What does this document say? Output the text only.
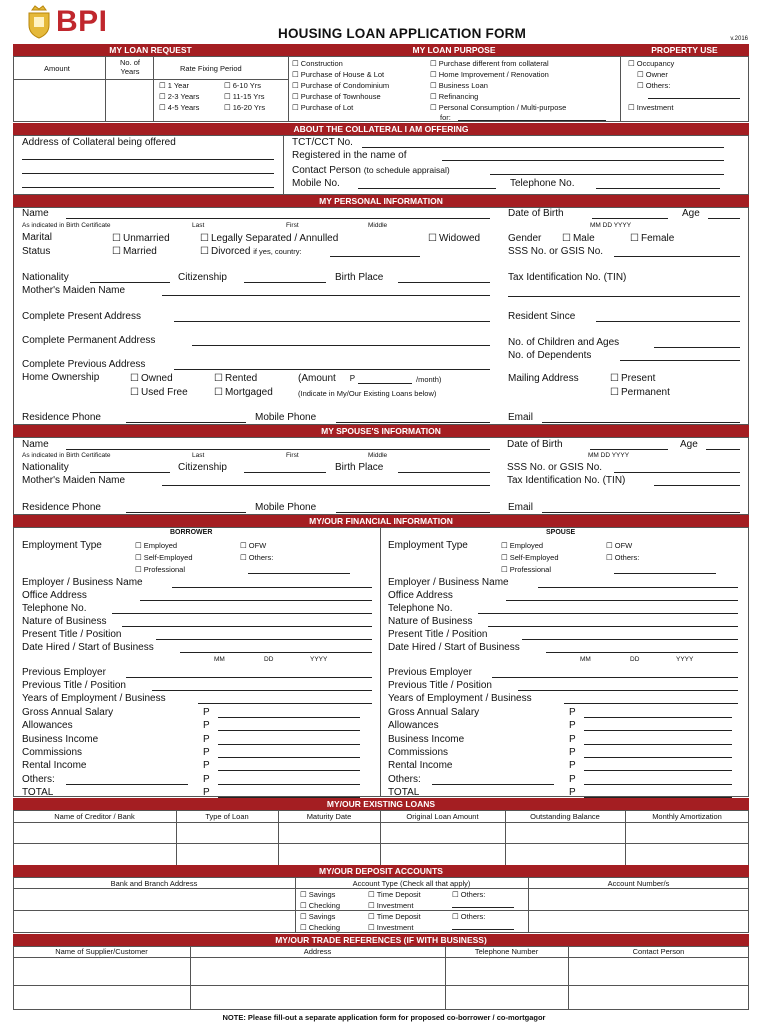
BPI	HOUSING LOAN APPLICATION FORM	v.2016
MY LOAN REQUEST	MY LOAN PURPOSE	PROPERTY USE
Amount
No. of Years	Rate Fixing Period
☐ 1 Year
☐ 2-3 Years
☐ 4-5 Years
☐ 6-10 Yrs
☐ 11-15 Yrs
☐ 16-20 Yrs
☐ Construction
☐ Purchase of House & Lot
☐ Purchase of Condominium
☐ Purchase of Townhouse
☐ Purchase of Lot
☐ Purchase different from collateral
☐ Home Improvement / Renovation
☐ Business Loan
☐ Refinancing
☐ Personal Consumption / Multi-purpose
for:
☐ Occupancy
☐ Owner
☐ Others:
☐ Investment
ABOUT THE COLLATERAL I AM OFFERING
Address of Collateral being offered	TCT/CCT No.
Registered in the name of
Contact Person (to schedule appraisal)
Mobile No.	Telephone No.
MY PERSONAL INFORMATION
Name
As indicated in Birth Certificate	Last	First	Middle
Date of Birth
MM DD YYYY
Age
Marital
Status
☐ Unmarried
☐ Married
☐ Legally Separated / Annulled
☐ Divorced if yes, country:
☐ Widowed	Gender	☐ Male	☐ Female
SSS No. or GSIS No.
Nationality	Citizenship	Birth Place	Tax Identification No. (TIN)
Mother's Maiden Name
Complete Present Address	Resident Since
Complete Permanent Address	No. of Children and Ages
No. of Dependents
Complete Previous Address
Home Ownership	☐ Owned
☐ Used Free
☐ Rented
☐ Mortgaged
(Amount P	/month)
(Indicate in My/Our Existing Loans below)
Mailing Address	☐ Present
☐ Permanent
Residence Phone	Mobile Phone	Email
MY SPOUSE'S INFORMATION
Name
As indicated in Birth Certificate	Last	First	Middle
Date of Birth
MM DD YYYY
Age
Nationality	Citizenship	Birth Place	SSS No. or GSIS No.
Mother's Maiden Name	Tax Identification No. (TIN)
Residence Phone	Mobile Phone	Email
MY/OUR FINANCIAL INFORMATION
BORROWER	SPOUSE
Employment Type	☐ Employed
☐ Self-Employed
☐ Professional
☐ OFW
☐ Others:
Employer / Business Name
Office Address
Telephone No.
Nature of Business
Present Title / Position
Date Hired / Start of Business
MM	DD	YYYY
Previous Employer
Previous Title / Position
Years of Employment / Business
Gross Annual Salary	P
Allowances	P
Business Income	P
Commissions	P
Rental Income	P
Others:	P
TOTAL	P
Employment Type	☐ Employed
☐ Self-Employed
☐ Professional
☐ OFW
☐ Others:
Employer / Business Name
Office Address
Telephone No.
Nature of Business
Present Title / Position
Date Hired / Start of Business
MM	DD	YYYY
Previous Employer
Previous Title / Position
Years of Employment / Business
Gross Annual Salary	P
Allowances	P
Business Income	P
Commissions	P
Rental Income	P
Others:	P
TOTAL	P
MY/OUR EXISTING LOANS
Name of Creditor / Bank	Type of Loan	Maturity Date	Original Loan Amount	Outstanding Balance	Monthly Amortization
MY/OUR DEPOSIT ACCOUNTS
Bank and Branch Address	Account Type (Check all that apply)	Account Number/s
☐ Savings	☐ Time Deposit	☐ Others:
☐ Checking	☐ Investment
☐ Savings	☐ Time Deposit	☐ Others:
☐ Checking	☐ Investment
MY/OUR TRADE REFERENCES (IF WITH BUSINESS)
Name of Supplier/Customer	Address	Telephone Number	Contact Person
NOTE: Please fill-out a separate application form for proposed co-borrower / co-mortgagor
